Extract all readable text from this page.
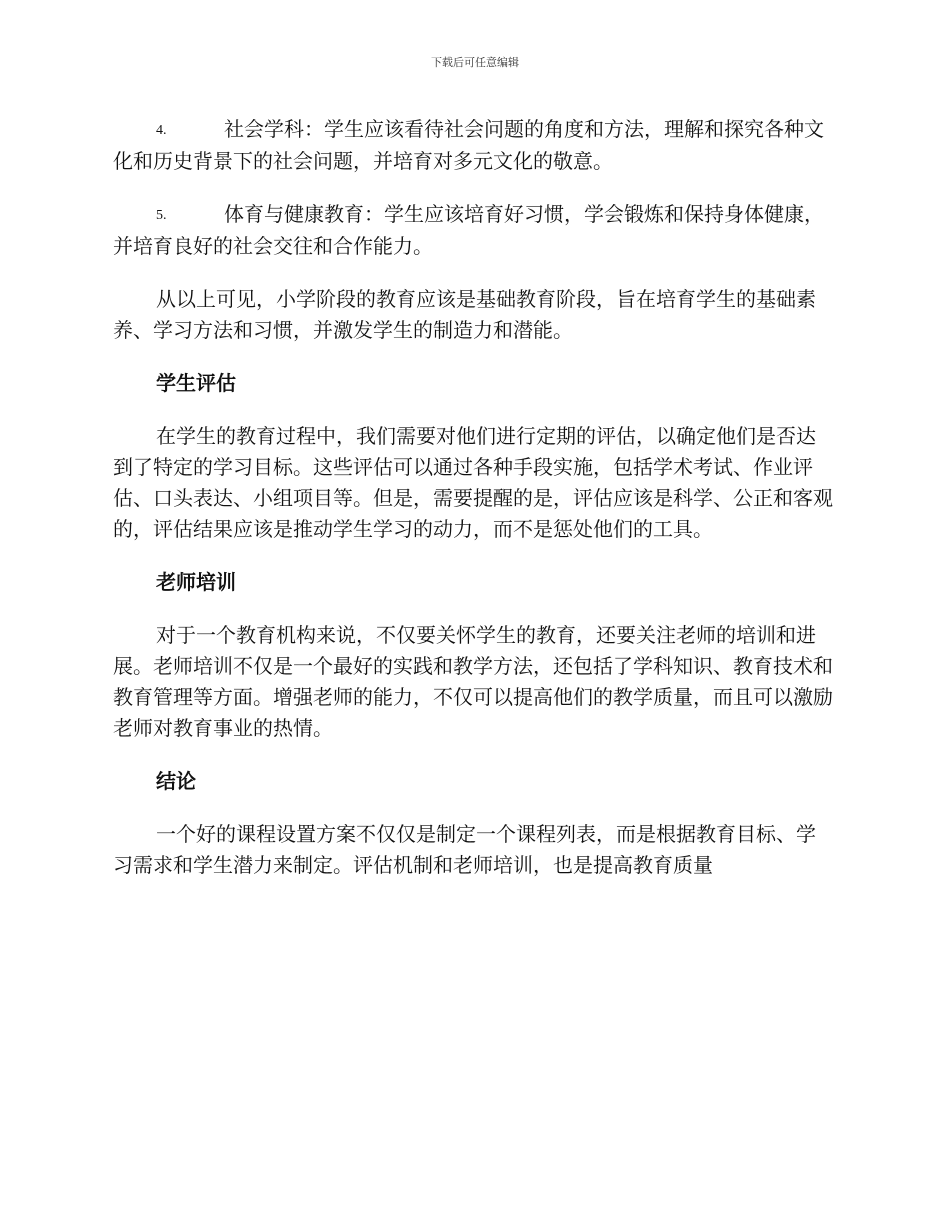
下载后可任意编辑

4.	社会学科：学生应该看待社会问题的角度和方法，理解和探究各种文化和历史背景下的社会问题，并培育对多元文化的敬意。

5.	体育与健康教育：学生应该培育好习惯，学会锻炼和保持身体健康，并培育良好的社会交往和合作能力。

从以上可见，小学阶段的教育应该是基础教育阶段，旨在培育学生的基础素养、学习方法和习惯，并激发学生的制造力和潜能。

学生评估

在学生的教育过程中，我们需要对他们进行定期的评估，以确定他们是否达到了特定的学习目标。这些评估可以通过各种手段实施，包括学术考试、作业评估、口头表达、小组项目等。但是，需要提醒的是，评估应该是科学、公正和客观的，评估结果应该是推动学生学习的动力，而不是惩处他们的工具。

老师培训

对于一个教育机构来说，不仅要关怀学生的教育，还要关注老师的培训和进展。老师培训不仅是一个最好的实践和教学方法，还包括了学科知识、教育技术和教育管理等方面。增强老师的能力，不仅可以提高他们的教学质量，而且可以激励老师对教育事业的热情。

结论

一个好的课程设置方案不仅仅是制定一个课程列表，而是根据教育目标、学习需求和学生潜力来制定。评估机制和老师培训，也是提高教育质量
